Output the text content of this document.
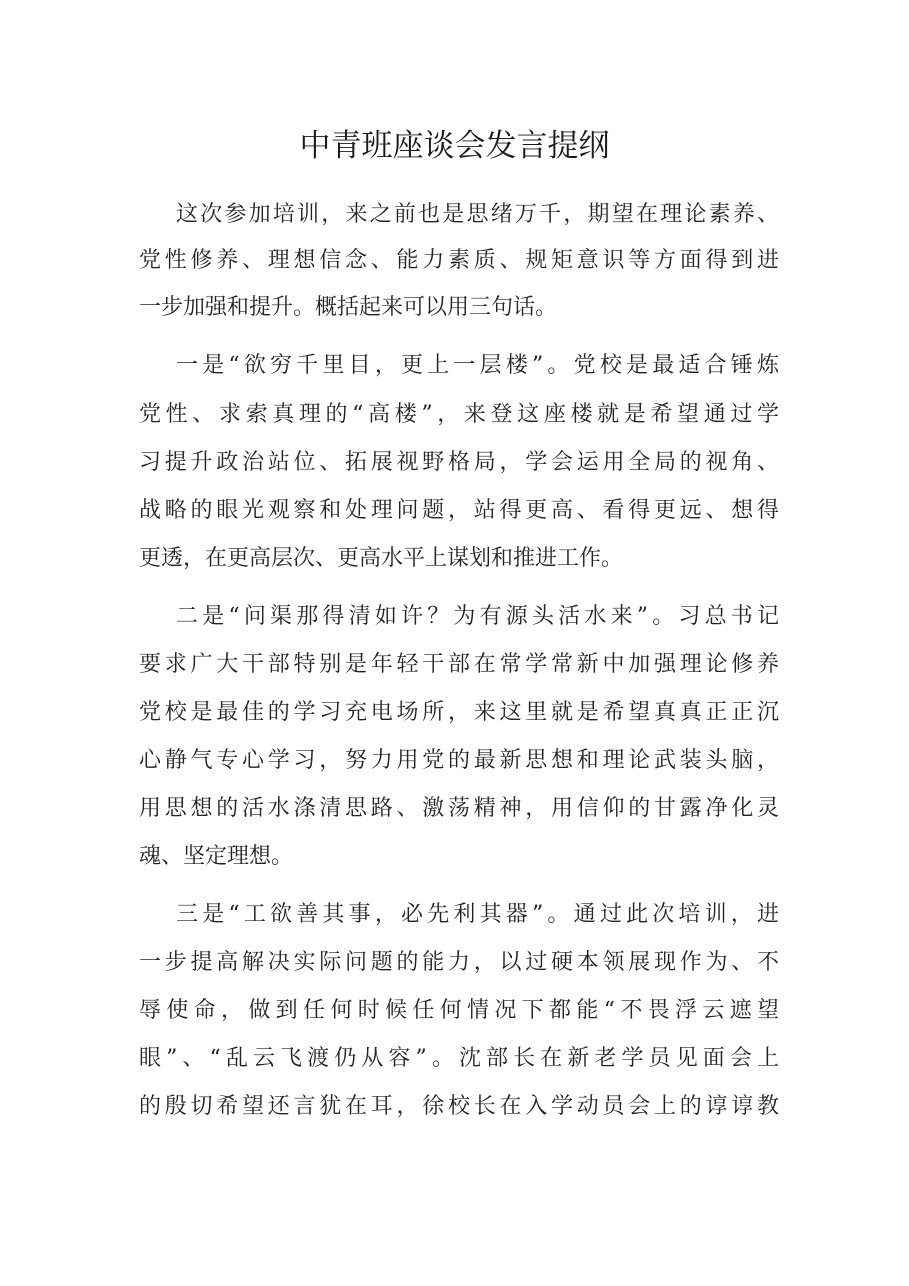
中青班座谈会发言提纲
这次参加培训，来之前也是思绪万千，期望在理论素养、
党性修养、理想信念、能力素质、规矩意识等方面得到进
一步加强和提升。概括起来可以用三句话。
一是“欲穷千里目，更上一层楼”。党校是最适合锤炼
党性、求索真理的“高楼”，来登这座楼就是希望通过学
习提升政治站位、拓展视野格局，学会运用全局的视角、
战略的眼光观察和处理问题，站得更高、看得更远、想得
更透，在更高层次、更高水平上谋划和推进工作。
二是“问渠那得清如许？为有源头活水来”。习总书记
要求广大干部特别是年轻干部在常学常新中加强理论修养
党校是最佳的学习充电场所，来这里就是希望真真正正沉
心静气专心学习，努力用党的最新思想和理论武装头脑，
用思想的活水涤清思路、激荡精神，用信仰的甘露净化灵
魂、坚定理想。
三是“工欲善其事，必先利其器”。通过此次培训，进
一步提高解决实际问题的能力，以过硬本领展现作为、不
辱使命，做到任何时候任何情况下都能“不畏浮云遮望
眼”、“乱云飞渡仍从容”。沈部长在新老学员见面会上
的殷切希望还言犹在耳，徐校长在入学动员会上的谆谆教
